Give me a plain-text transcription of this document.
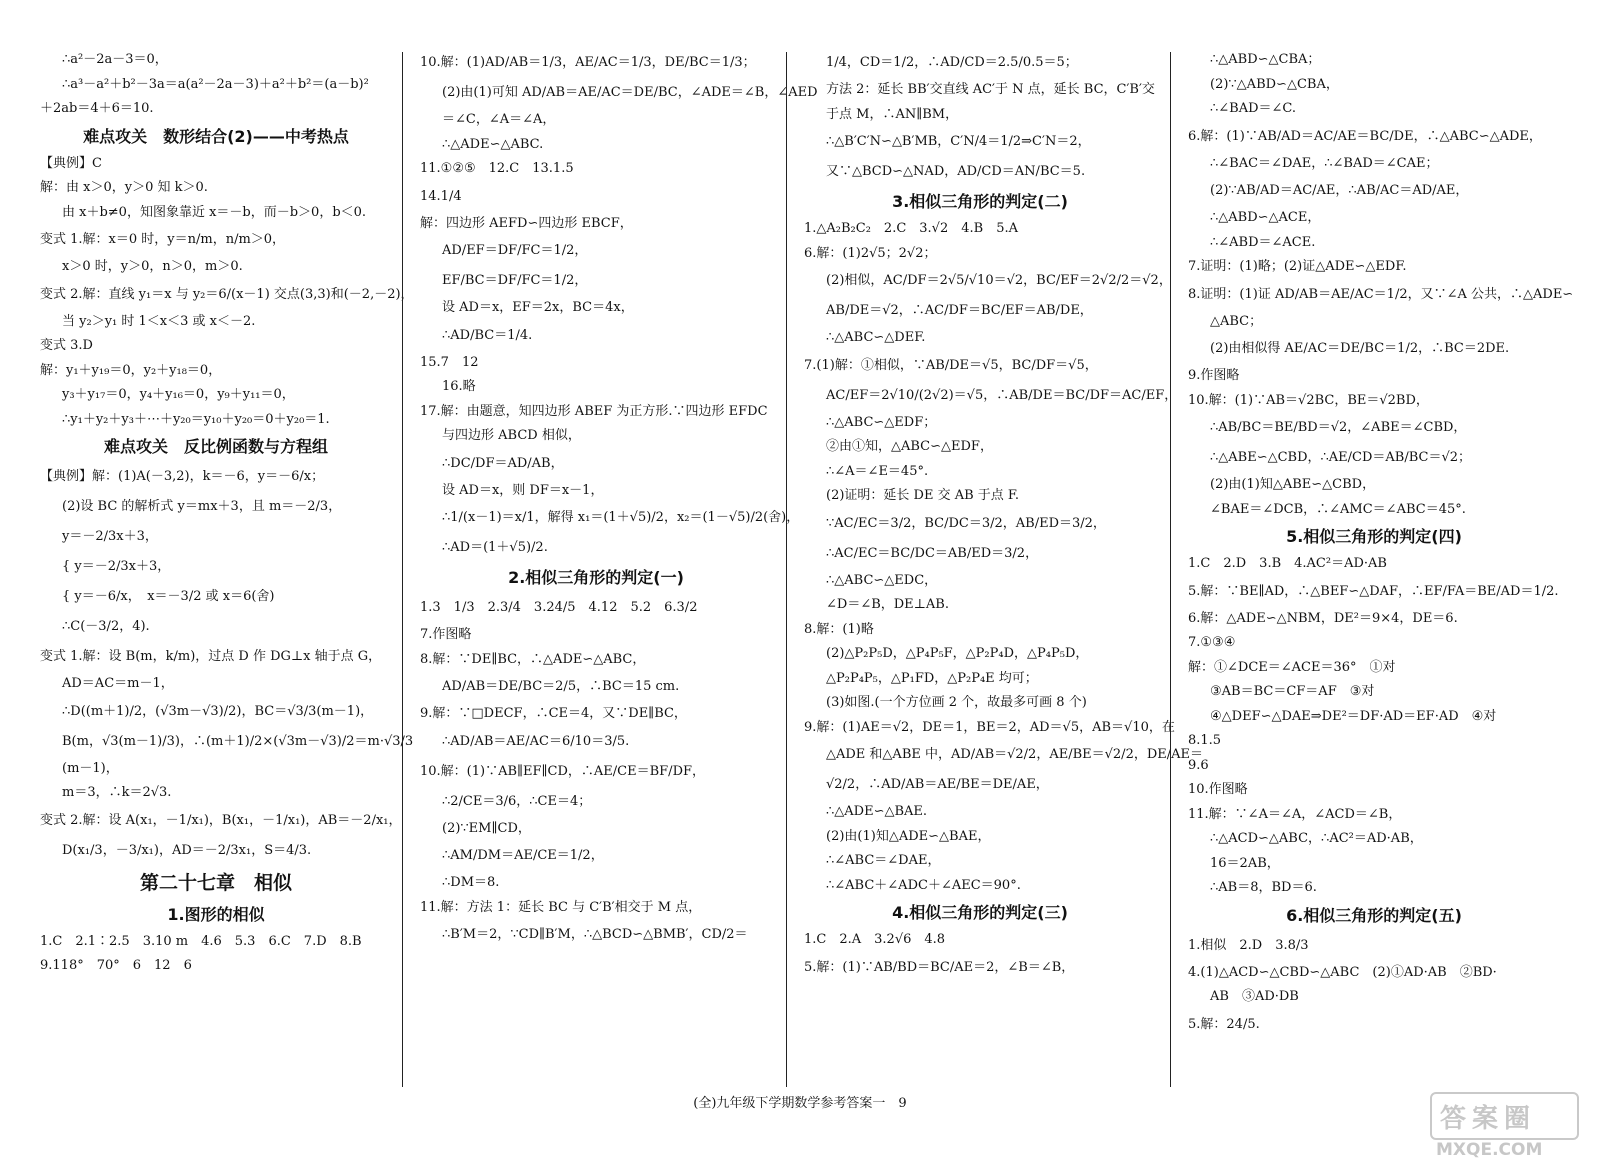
∴a²－2a－3＝0，
∴a³－a²＋b²－3a＝a(a²－2a－3)＋a²＋b²＝(a－b)²
＋2ab＝4＋6＝10.
难点攻关　数形结合(2)——中考热点
【典例】C
解：由 x＞0，y＞0 知 k＞0.
由 x＋b≠0，知图象靠近 x＝－b，而－b＞0，b＜0.
变式 1.解：x＝0 时，y＝n/m，n/m＞0，
x＞0 时，y＞0，n＞0，m＞0.
变式 2.解：直线 y₁＝x 与 y₂＝6/(x－1) 交点(3,3)和(－2,－2)，
当 y₂＞y₁ 时 1＜x＜3 或 x＜－2.
变式 3.D
解：y₁＋y₁₉＝0，y₂＋y₁₈＝0，
y₃＋y₁₇＝0，y₄＋y₁₆＝0，y₉＋y₁₁＝0，
∴y₁＋y₂＋y₃＋⋯＋y₂₀＝y₁₀＋y₂₀＝0＋y₂₀＝1.
难点攻关　反比例函数与方程组
【典例】解：(1)A(－3,2)，k＝－6，y＝－6/x；
(2)设 BC 的解析式 y＝mx＋3，且 m＝－2/3，
y＝－2/3x＋3，
{ y＝－2/3x＋3，
{ y＝－6/x，　x＝－3/2 或 x＝6(舍)
∴C(－3/2，4).
变式 1.解：设 B(m，k/m)，过点 D 作 DG⊥x 轴于点 G，
AD＝AC＝m－1，
∴D((m＋1)/2，(√3m－√3)/2)，BC＝√3/3(m－1)，
B(m，√3(m－1)/3)，∴(m＋1)/2×(√3m－√3)/2＝m·√3/3
(m－1)，
m＝3，∴k＝2√3.
变式 2.解：设 A(x₁，－1/x₁)，B(x₁，－1/x₁)，AB＝－2/x₁，
D(x₁/3，－3/x₁)，AD＝－2/3x₁，S＝4/3.
第二十七章　相似
1.图形的相似
1.C　2.1∶2.5　3.10 m　4.6　5.3　6.C　7.D　8.B
9.118°　70°　6　12　6
10.解：(1)AD/AB＝1/3，AE/AC＝1/3，DE/BC＝1/3；
(2)由(1)可知 AD/AB＝AE/AC＝DE/BC，∠ADE＝∠B，∠AED
＝∠C，∠A＝∠A，
∴△ADE∽△ABC.
11.①②⑤　12.C　13.1.5
14.1/4
解：四边形 AEFD∽四边形 EBCF，
AD/EF＝DF/FC＝1/2，
EF/BC＝DF/FC＝1/2，
设 AD＝x，EF＝2x，BC＝4x，
∴AD/BC＝1/4.
15.7　12
16.略
17.解：由题意，知四边形 ABEF 为正方形.∵四边形 EFDC
与四边形 ABCD 相似，
∴DC/DF＝AD/AB，
设 AD＝x，则 DF＝x－1，
∴1/(x－1)＝x/1，解得 x₁＝(1＋√5)/2，x₂＝(1－√5)/2(舍)，
∴AD＝(1＋√5)/2.
2.相似三角形的判定(一)
1.3　1/3　2.3/4　3.24/5　4.12　5.2　6.3/2
7.作图略
8.解：∵DE∥BC，∴△ADE∽△ABC，
AD/AB＝DE/BC＝2/5，∴BC＝15 cm.
9.解：∵□DECF，∴CE＝4，又∵DE∥BC，
∴AD/AB＝AE/AC＝6/10＝3/5.
10.解：(1)∵AB∥EF∥CD，∴AE/CE＝BF/DF，
∴2/CE＝3/6，∴CE＝4；
(2)∵EM∥CD，
∴AM/DM＝AE/CE＝1/2，
∴DM＝8.
11.解：方法 1：延长 BC 与 C′B′相交于 M 点，
∴B′M＝2，∵CD∥B′M，∴△BCD∽△BMB′，CD/2＝
1/4，CD＝1/2，∴AD/CD＝2.5/0.5＝5；
方法 2：延长 BB′交直线 AC′于 N 点，延长 BC，C′B′交
于点 M，∴AN∥BM，
∴△B′C′N∽△B′MB，C′N/4＝1/2⇒C′N＝2，
又∵△BCD∽△NAD，AD/CD＝AN/BC＝5.
3.相似三角形的判定(二)
1.△A₂B₂C₂　2.C　3.√2　4.B　5.A
6.解：(1)2√5；2√2；
(2)相似，AC/DF＝2√5/√10＝√2，BC/EF＝2√2/2＝√2，
AB/DE＝√2，∴AC/DF＝BC/EF＝AB/DE，
∴△ABC∽△DEF.
7.(1)解：①相似，∵AB/DE＝√5，BC/DF＝√5，
AC/EF＝2√10/(2√2)＝√5，∴AB/DE＝BC/DF＝AC/EF，
∴△ABC∽△EDF；
②由①知，△ABC∽△EDF，
∴∠A＝∠E＝45°.
(2)证明：延长 DE 交 AB 于点 F.
∵AC/EC＝3/2，BC/DC＝3/2，AB/ED＝3/2，
∴AC/EC＝BC/DC＝AB/ED＝3/2，
∴△ABC∽△EDC，
∠D＝∠B，DE⊥AB.
8.解：(1)略
(2)△P₂P₅D，△P₄P₅F，△P₂P₄D，△P₄P₅D，
△P₂P₄P₅，△P₁FD，△P₂P₄E 均可；
(3)如图.(一个方位画 2 个，故最多可画 8 个)
9.解：(1)AE＝√2，DE＝1，BE＝2，AD＝√5，AB＝√10，在
△ADE 和△ABE 中，AD/AB＝√2/2，AE/BE＝√2/2，DE/AE＝
√2/2，∴AD/AB＝AE/BE＝DE/AE，
∴△ADE∽△BAE.
(2)由(1)知△ADE∽△BAE，
∴∠ABC＝∠DAE，
∴∠ABC＋∠ADC＋∠AEC＝90°.
4.相似三角形的判定(三)
1.C　2.A　3.2√6　4.8
5.解：(1)∵AB/BD＝BC/AE＝2，∠B＝∠B，
∴△ABD∽△CBA；
(2)∵△ABD∽△CBA，
∴∠BAD＝∠C.
6.解：(1)∵AB/AD＝AC/AE＝BC/DE，∴△ABC∽△ADE，
∴∠BAC＝∠DAE，∴∠BAD＝∠CAE；
(2)∵AB/AD＝AC/AE，∴AB/AC＝AD/AE，
∴△ABD∽△ACE，
∴∠ABD＝∠ACE.
7.证明：(1)略；(2)证△ADE∽△EDF.
8.证明：(1)证 AD/AB＝AE/AC＝1/2，又∵∠A 公共，∴△ADE∽
△ABC；
(2)由相似得 AE/AC＝DE/BC＝1/2，∴BC＝2DE.
9.作图略
10.解：(1)∵AB＝√2BC，BE＝√2BD，
∴AB/BC＝BE/BD＝√2，∠ABE＝∠CBD，
∴△ABE∽△CBD，∴AE/CD＝AB/BC＝√2；
(2)由(1)知△ABE∽△CBD，
∠BAE＝∠DCB，∴∠AMC＝∠ABC＝45°.
5.相似三角形的判定(四)
1.C　2.D　3.B　4.AC²＝AD·AB
5.解：∵BE∥AD，∴△BEF∽△DAF，∴EF/FA＝BE/AD＝1/2.
6.解：△ADE∽△NBM，DE²＝9×4，DE＝6.
7.①③④
解：①∠DCE＝∠ACE＝36°　①对
③AB＝BC＝CF＝AF　③对
④△DEF∽△DAE⇒DE²＝DF·AD＝EF·AD　④对
8.1.5
9.6
10.作图略
11.解：∵∠A＝∠A，∠ACD＝∠B，
∴△ACD∽△ABC，∴AC²＝AD·AB，
16＝2AB，
∴AB＝8，BD＝6.
6.相似三角形的判定(五)
1.相似　2.D　3.8/3
4.(1)△ACD∽△CBD∽△ABC　(2)①AD·AB　②BD·
AB　③AD·DB
5.解：24/5.
(全)九年级下学期数学参考答案一　9
答案圈
MXQE.COM
